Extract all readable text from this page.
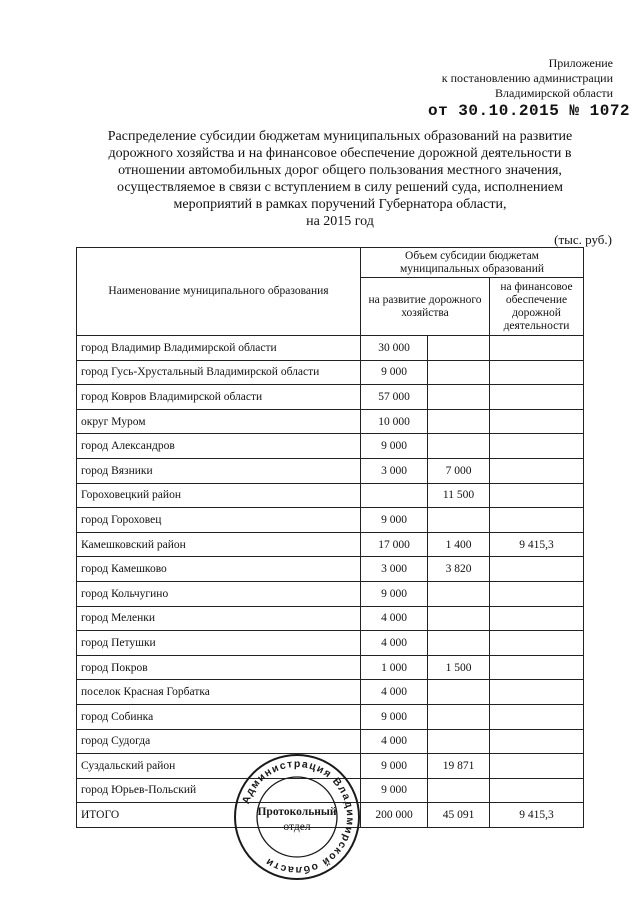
Приложение
к постановлению администрации
Владимирской области
от 30.10.2015 № 1072
Распределение субсидии бюджетам муниципальных образований на развитие
дорожного хозяйства и на финансовое обеспечение дорожной деятельности в
отношении автомобильных дорог общего пользования местного значения,
осуществляемое в связи с вступлением в силу решений суда, исполнением
мероприятий в рамках поручений Губернатора области,
на 2015 год
(тыс. руб.)
Наименование муниципального образования	Объем субсидии бюджетам муниципальных образований		
	на развитие дорожного хозяйства		на финансовое обеспечение дорожной деятельности
город Владимир Владимирской области	30 000		
город Гусь-Хрустальный Владимирской области	9 000		
город Ковров Владимирской области	57 000		
округ Муром	10 000		
город Александров	9 000		
город Вязники	3 000	7 000	
Гороховецкий район		11 500	
город Гороховец	9 000		
Камешковский район	17 000	1 400	9 415,3
город Камешково	3 000	3 820	
город Кольчугино	9 000		
город Меленки	4 000		
город Петушки	4 000		
город Покров	1 000	1 500	
поселок Красная Горбатка	4 000		
город Собинка	9 000		
город Судогда	4 000		
Суздальский район	9 000	19 871	
город Юрьев-Польский	9 000		
ИТОГО	200 000	45 091	9 415,3
Администрация Владимирской области
Протокольный
отдел
